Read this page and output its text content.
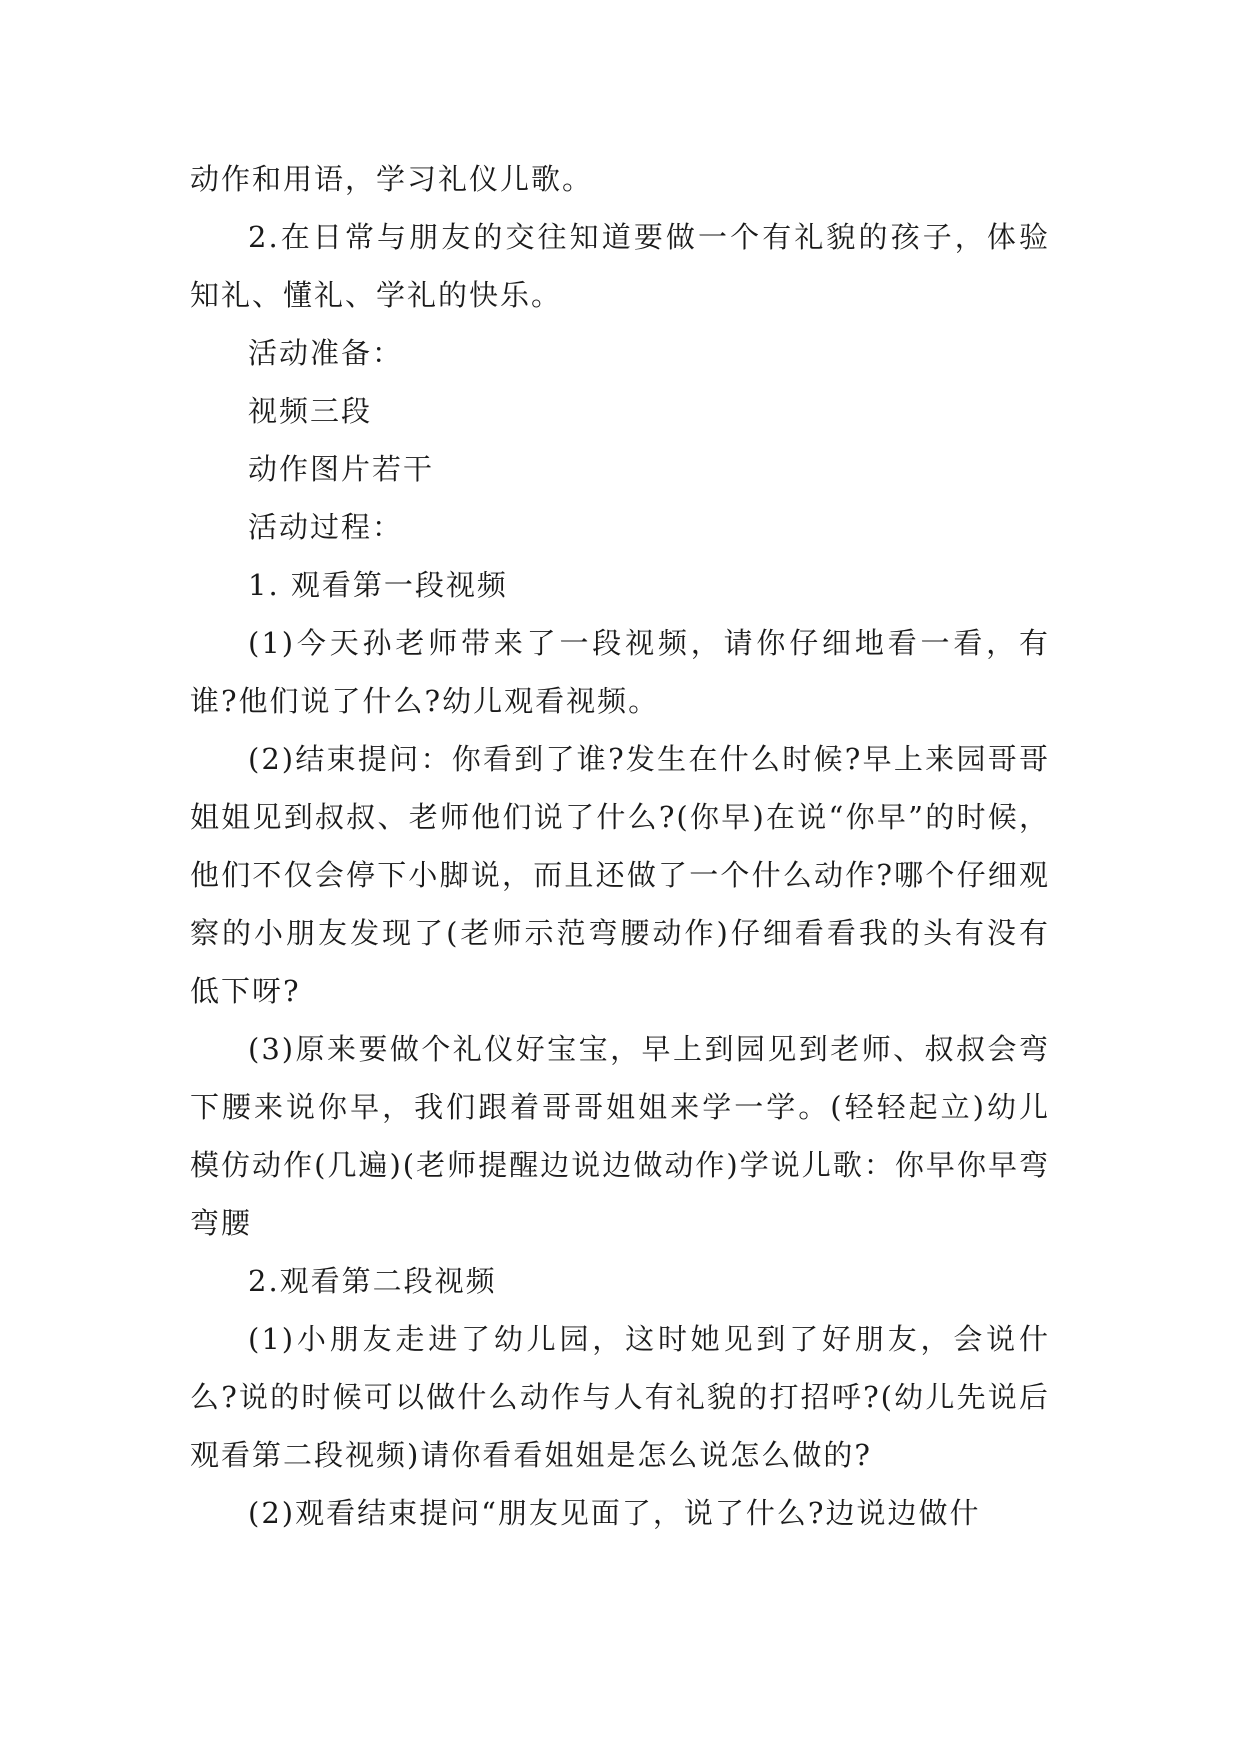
动作和用语，学习礼仪儿歌。

2.在日常与朋友的交往知道要做一个有礼貌的孩子，体验知礼、懂礼、学礼的快乐。

活动准备：

视频三段

动作图片若干

活动过程：

1. 观看第一段视频

(1)今天孙老师带来了一段视频，请你仔细地看一看，有谁?他们说了什么?幼儿观看视频。

(2)结束提问：你看到了谁?发生在什么时候?早上来园哥哥姐姐见到叔叔、老师他们说了什么?(你早)在说“你早”的时候，他们不仅会停下小脚说，而且还做了一个什么动作?哪个仔细观察的小朋友发现了(老师示范弯腰动作)仔细看看我的头有没有低下呀?

(3)原来要做个礼仪好宝宝，早上到园见到老师、叔叔会弯下腰来说你早，我们跟着哥哥姐姐来学一学。(轻轻起立)幼儿模仿动作(几遍)(老师提醒边说边做动作)学说儿歌：你早你早弯弯腰

2.观看第二段视频

(1)小朋友走进了幼儿园，这时她见到了好朋友，会说什么?说的时候可以做什么动作与人有礼貌的打招呼?(幼儿先说后观看第二段视频)请你看看姐姐是怎么说怎么做的?

(2)观看结束提问“朋友见面了，说了什么?边说边做什
